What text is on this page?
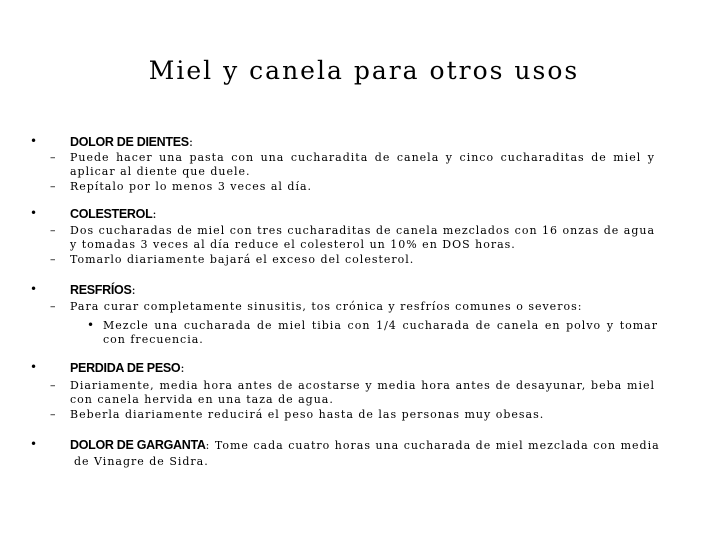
Miel y canela para otros usos
•	DOLOR DE DIENTES:
– Puede hacer una pasta con una cucharadita de canela y cinco cucharaditas de miel y aplicar al diente que duele.
– Repítalo por lo menos 3 veces al día.
•	COLESTEROL:
– Dos cucharadas de miel con tres cucharaditas de canela mezclados con 16 onzas de agua y tomadas 3 veces al día reduce el colesterol un 10% en DOS horas.
– Tomarlo diariamente bajará el exceso del colesterol.
•	RESFRÍOS:
– Para curar completamente sinusitis, tos crónica y resfríos comunes o severos:
• Mezcle una cucharada de miel tibia con 1/4 cucharada de canela en polvo y tomar con frecuencia.
•	PERDIDA DE PESO:
– Diariamente, media hora antes de acostarse y media hora antes de desayunar, beba miel con canela hervida en una taza de agua.
– Beberla diariamente reducirá el peso hasta de las personas muy obesas.
•	DOLOR DE GARGANTA: Tome cada cuatro horas una cucharada de miel mezclada con media
de Vinagre de Sidra.
